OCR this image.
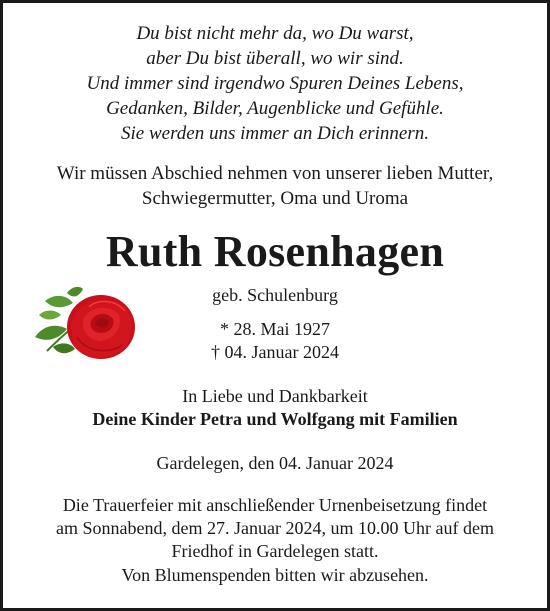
Du bist nicht mehr da, wo Du warst,
aber Du bist überall, wo wir sind.
Und immer sind irgendwo Spuren Deines Lebens,
Gedanken, Bilder, Augenblicke und Gefühle.
Sie werden uns immer an Dich erinnern.
Wir müssen Abschied nehmen von unserer lieben Mutter,
Schwiegermutter, Oma und Uroma
Ruth Rosenhagen
geb. Schulenburg
* 28. Mai 1927
† 04. Januar 2024
In Liebe und Dankbarkeit
Deine Kinder Petra und Wolfgang mit Familien
Gardelegen, den 04. Januar 2024
Die Trauerfeier mit anschließender Urnenbeisetzung findet
am Sonnabend, dem 27. Januar 2024, um 10.00 Uhr auf dem
Friedhof in Gardelegen statt.
Von Blumenspenden bitten wir abzusehen.
